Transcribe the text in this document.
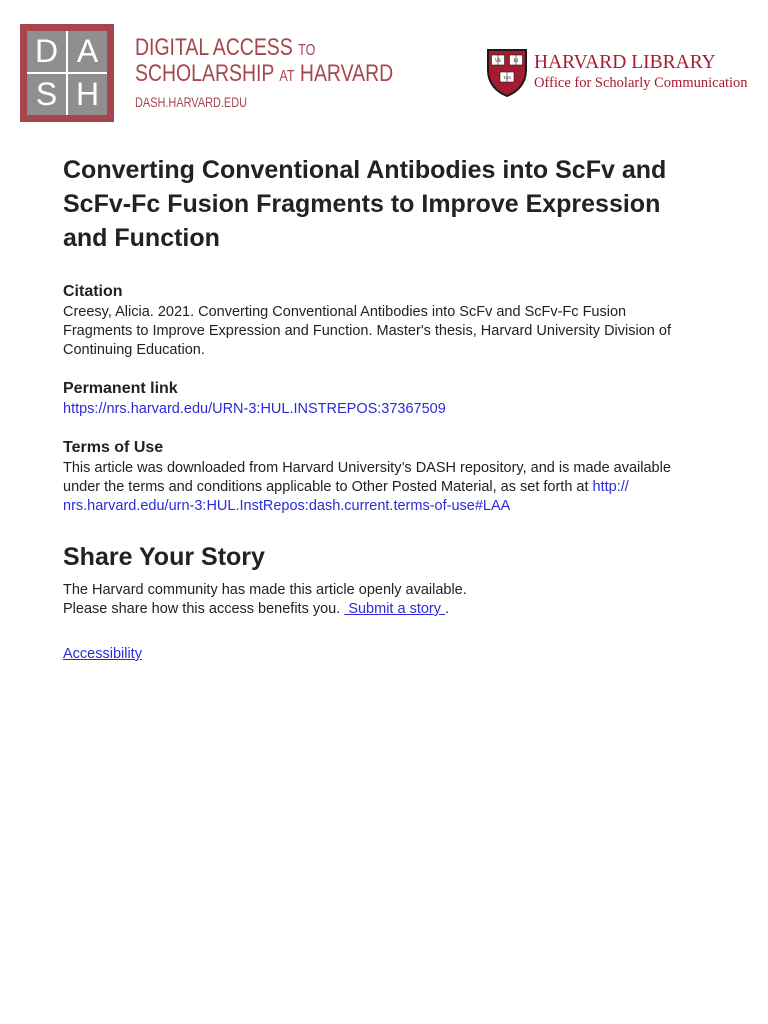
D A
S H
DIGITAL ACCESS TO
SCHOLARSHIP AT HARVARD
DASH.HARVARD.EDU
VE RI
TAS
HARVARD LIBRARY
Office for Scholarly Communication
Converting Conventional Antibodies into ScFv and
ScFv-Fc Fusion Fragments to Improve Expression
and Function
Citation
Creesy, Alicia. 2021. Converting Conventional Antibodies into ScFv and ScFv-Fc Fusion
Fragments to Improve Expression and Function. Master's thesis, Harvard University Division of
Continuing Education.
Permanent link
https://nrs.harvard.edu/URN-3:HUL.INSTREPOS:37367509
Terms of Use
This article was downloaded from Harvard University’s DASH repository, and is made available
under the terms and conditions applicable to Other Posted Material, as set forth at http://
nrs.harvard.edu/urn-3:HUL.InstRepos:dash.current.terms-of-use#LAA
Share Your Story
The Harvard community has made this article openly available.
Please share how this access benefits you.  Submit a story .
Accessibility
